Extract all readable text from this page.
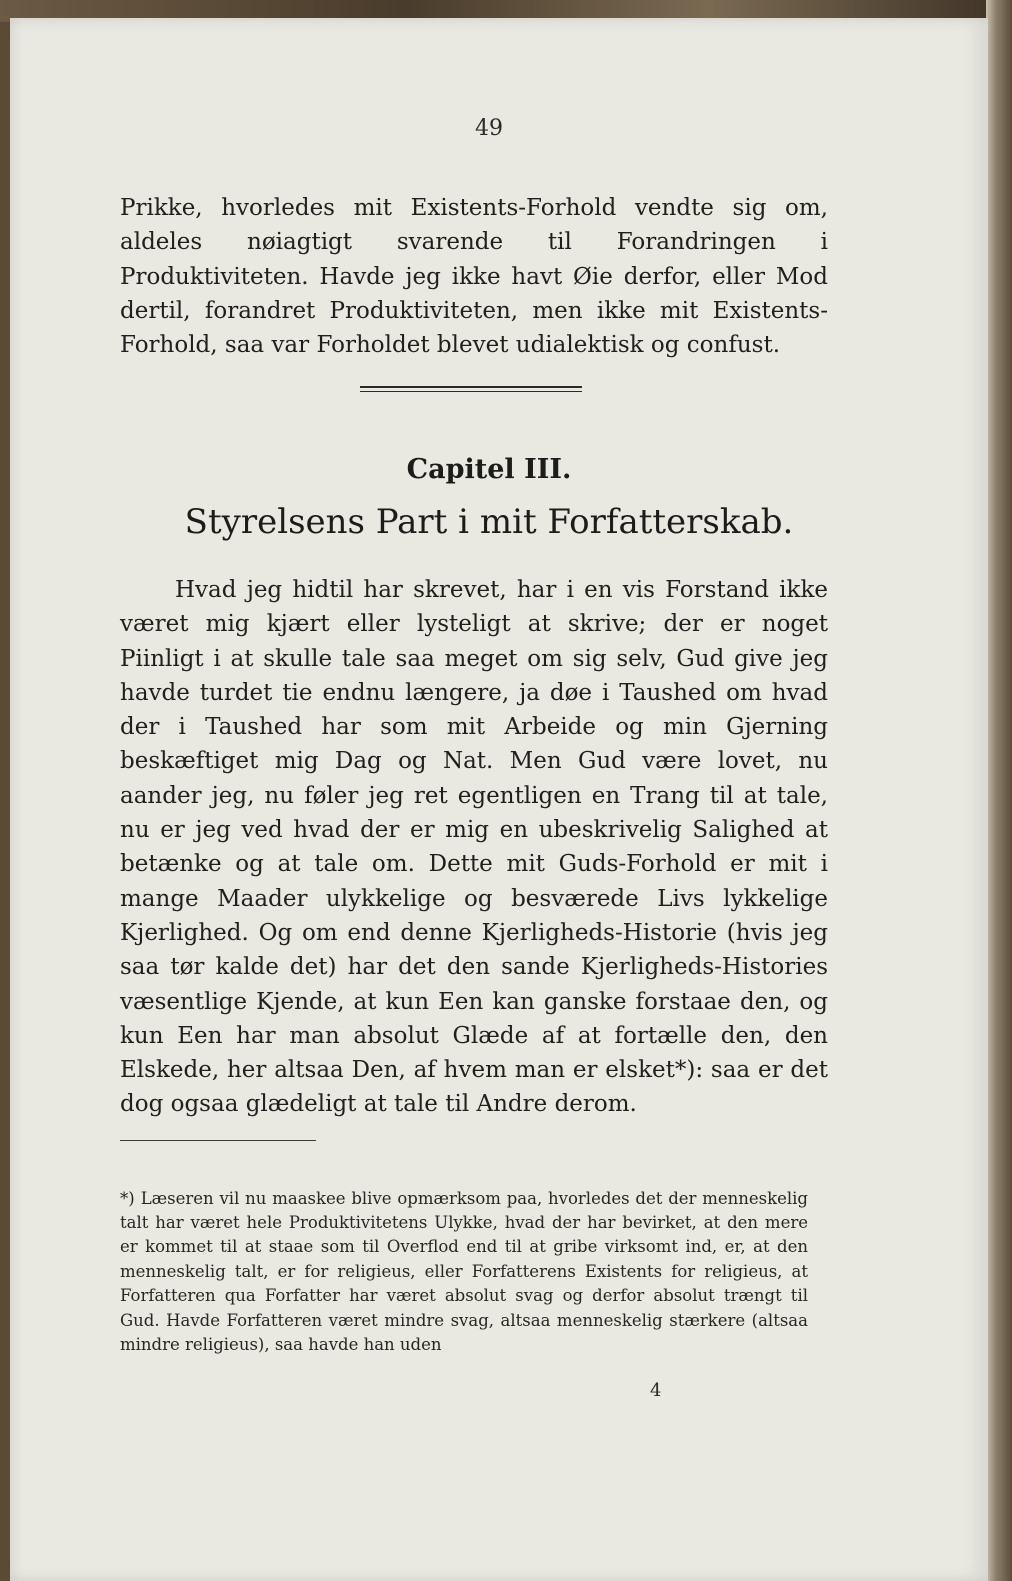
49

Prikke, hvorledes mit Existents-Forhold vendte sig om, aldeles nøiagtigt svarende til Forandringen i Produktiviteten. Havde jeg ikke havt Øie derfor, eller Mod dertil, forandret Produktiviteten, men ikke mit Existents-Forhold, saa var Forholdet blevet udialektisk og confust.

Capitel III.
Styrelsens Part i mit Forfatterskab.

Hvad jeg hidtil har skrevet, har i en vis Forstand ikke været mig kjært eller lysteligt at skrive; der er noget Piinligt i at skulle tale saa meget om sig selv, Gud give jeg havde turdet tie endnu længere, ja døe i Taushed om hvad der i Taushed har som mit Arbeide og min Gjerning beskæftiget mig Dag og Nat. Men Gud være lovet, nu aander jeg, nu føler jeg ret egentligen en Trang til at tale, nu er jeg ved hvad der er mig en ubeskrivelig Salighed at betænke og at tale om. Dette mit Guds-Forhold er mit i mange Maader ulykkelige og besværede Livs lykkelige Kjerlighed. Og om end denne Kjerligheds-Historie (hvis jeg saa tør kalde det) har det den sande Kjerligheds-Histories væsentlige Kjende, at kun Een kan ganske forstaae den, og kun Een har man absolut Glæde af at fortælle den, den Elskede, her altsaa Den, af hvem man er elsket*): saa er det dog ogsaa glædeligt at tale til Andre derom.

*) Læseren vil nu maaskee blive opmærksom paa, hvorledes det der menneskelig talt har været hele Produktivitetens Ulykke, hvad der har bevirket, at den mere er kommet til at staae som til Overflod end til at gribe virksomt ind, er, at den menneskelig talt, er for religieus, eller Forfatterens Existents for religieus, at Forfatteren qua Forfatter har været absolut svag og derfor absolut trængt til Gud. Havde Forfatteren været mindre svag, altsaa menneskelig stærkere (altsaa mindre religieus), saa havde han uden

4
